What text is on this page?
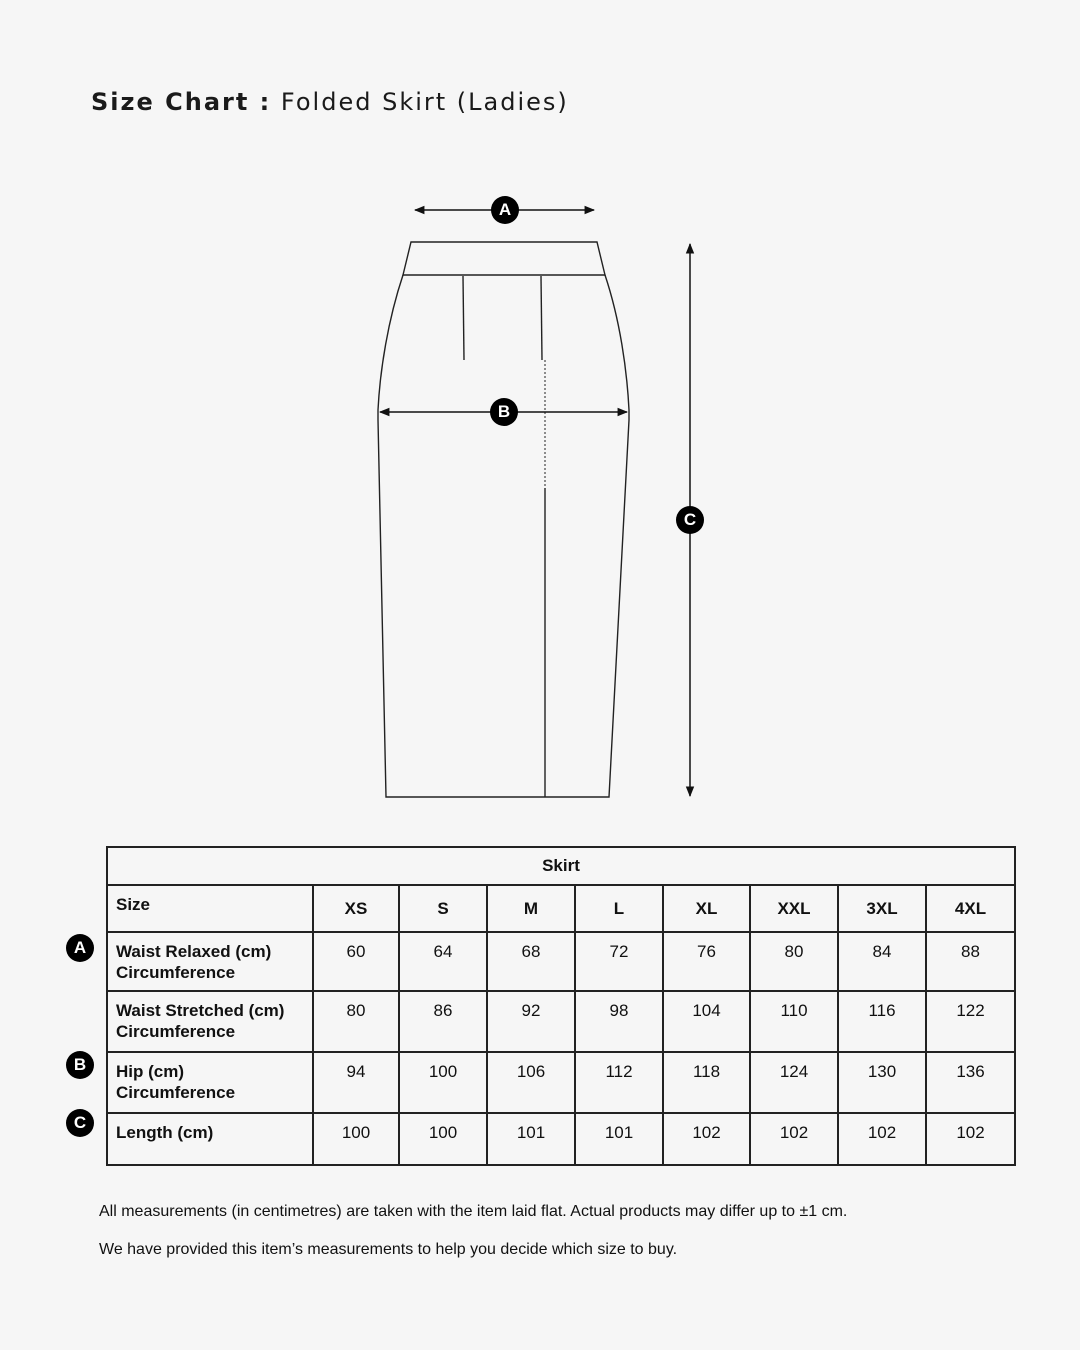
Size Chart : Folded Skirt (Ladies)
A
B
C
A
B
C
Skirt								
Size	XS	S	M	L	XL	XXL	3XL	4XL
Waist Relaxed (cm)
Circumference	60	64	68	72	76	80	84	88
Waist Stretched (cm)
Circumference	80	86	92	98	104	110	116	122
Hip (cm)
Circumference	94	100	106	112	118	124	130	136
Length (cm)	100	100	101	101	102	102	102	102
All measurements (in centimetres) are taken with the item laid flat. Actual products may differ up to ±1 cm.
We have provided this item’s measurements to help you decide which size to buy.
